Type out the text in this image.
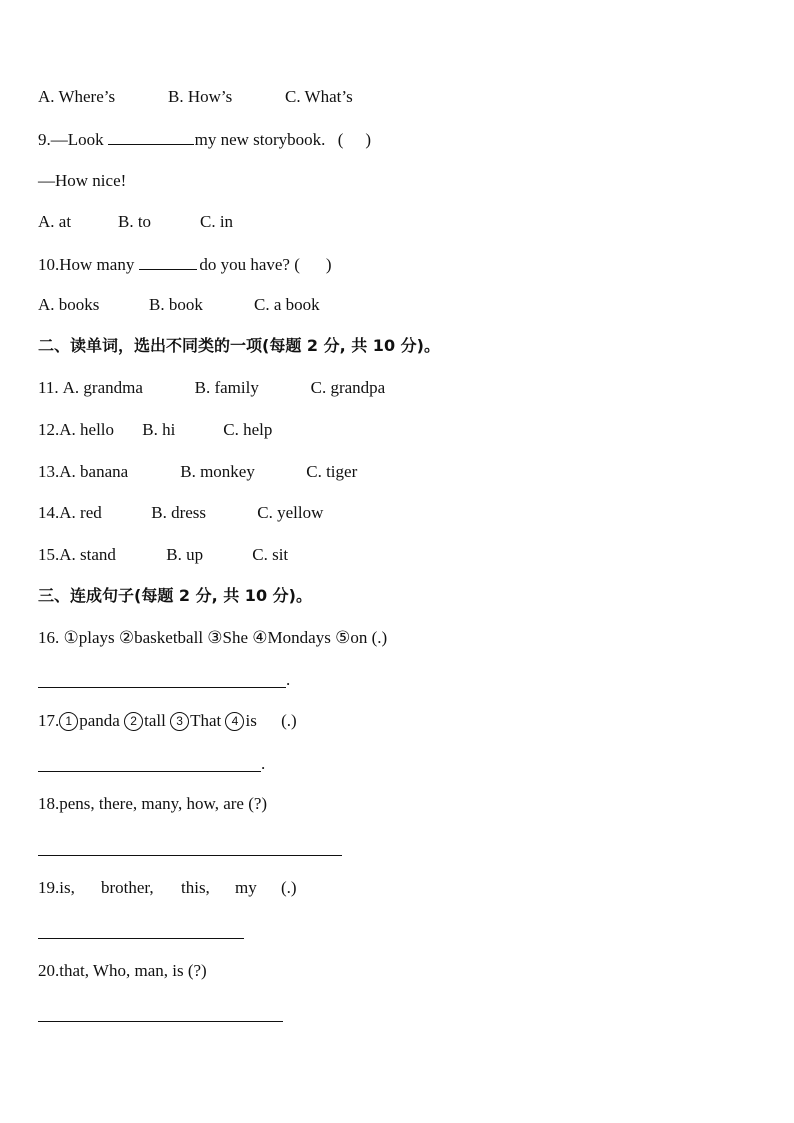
A. Where’s	B. How’s	C. What’s
9.—Look	my new storybook. ( )
—How nice!
A. at	B. to	C. in
10.How many	do you have? ( )
A. books	B. book	C. a book
二、读单词，选出不同类的一项(每题 2 分, 共 10 分)。
11. A. grandma	B. family	C. grandpa
12.A. hello B. hi	C. help
13.A. banana	B. monkey	C. tiger
14.A. red	B. dress	C. yellow
15.A. stand	B. up	C. sit
三、连成句子(每题 2 分, 共 10 分)。
16. ①plays ②basketball ③She ④Mondays ⑤on (.)
.
17. 1 panda 2 tall 3 That 4 is (.)
.
18.pens, there, many, how, are (?)
19.is, brother, this, my (.)
20.that, Who, man, is (?)
